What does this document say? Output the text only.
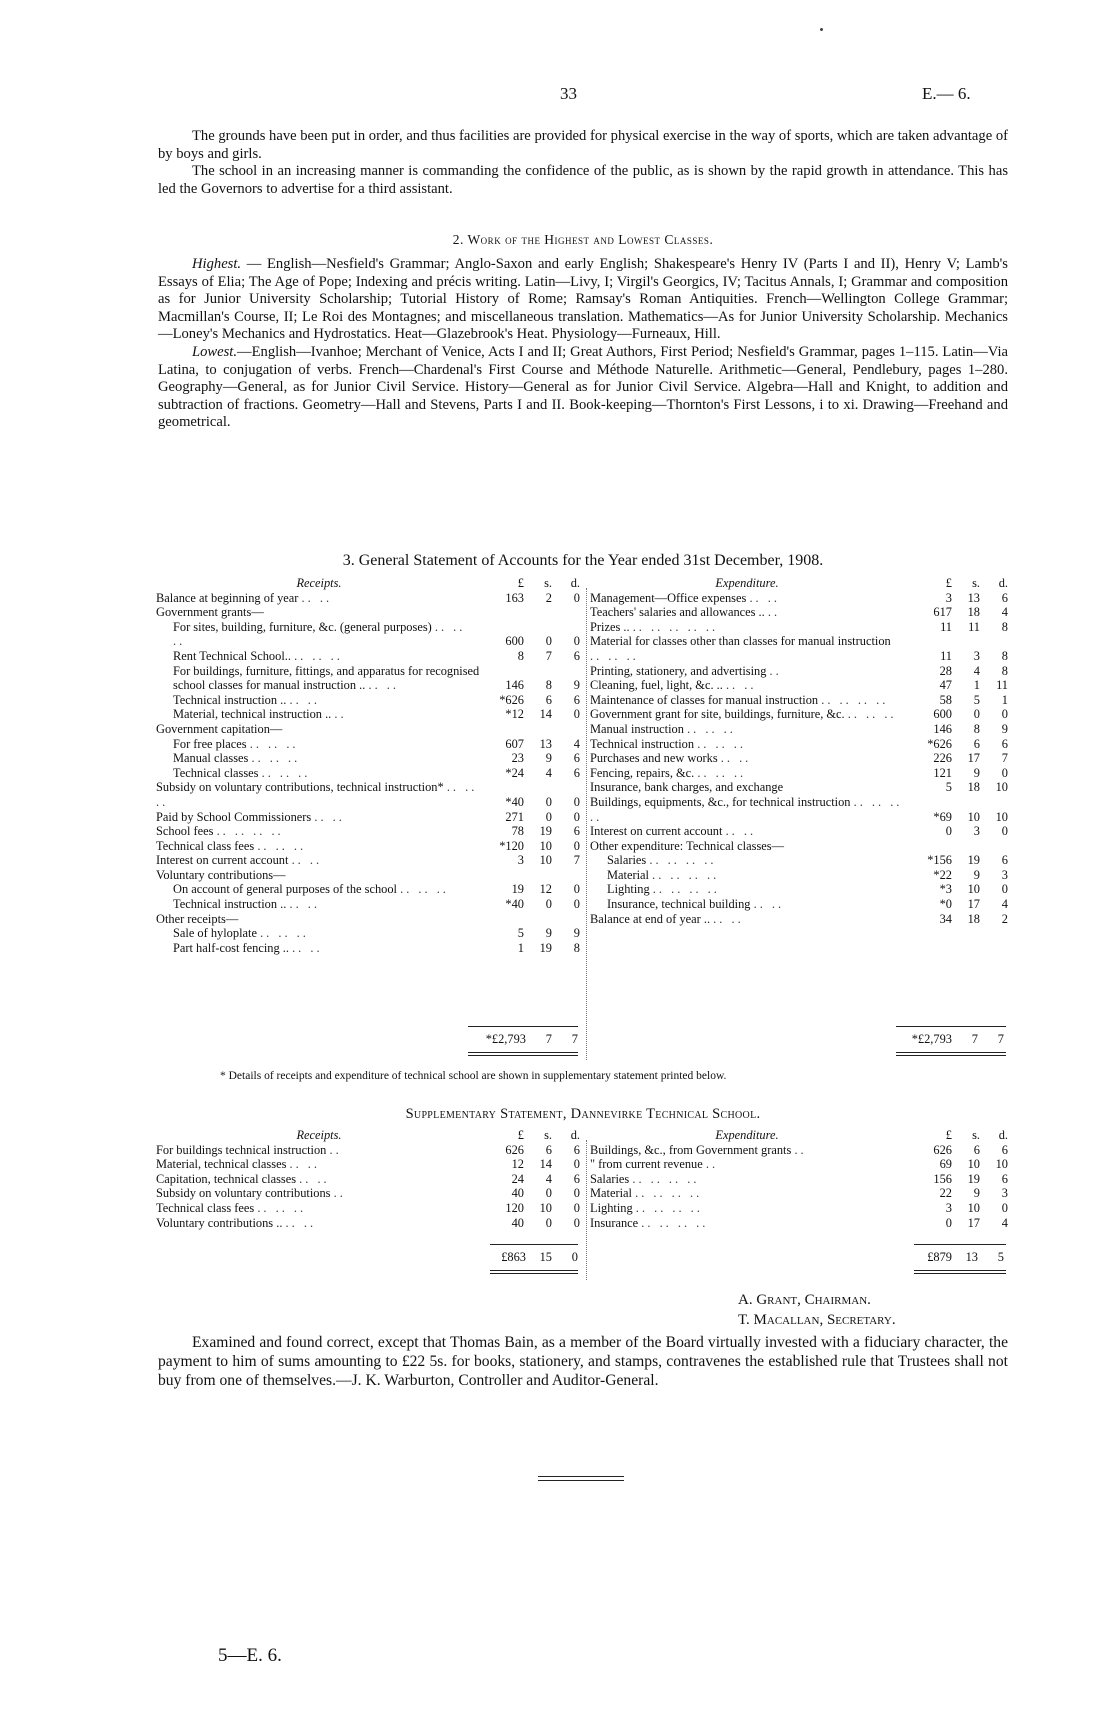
33	E.— 6.

The grounds have been put in order, and thus facilities are provided for physical exercise in the way of sports, which are taken advantage of by boys and girls.

The school in an increasing manner is commanding the confidence of the public, as is shown by the rapid growth in attendance. This has led the Governors to advertise for a third assistant.

2. Work of the Highest and Lowest Classes.

Highest. — English—Nesfield's Grammar; Anglo-Saxon and early English; Shakespeare's Henry IV (Parts I and II), Henry V; Lamb's Essays of Elia; The Age of Pope; Indexing and précis writing. Latin—Livy, I; Virgil's Georgics, IV; Tacitus Annals, I; Grammar and composition as for Junior University Scholarship; Tutorial History of Rome; Ramsay's Roman Antiquities. French—Wellington College Grammar; Macmillan's Course, II; Le Roi des Montagnes; and miscellaneous translation. Mathematics—As for Junior University Scholarship. Mechanics—Loney's Mechanics and Hydrostatics. Heat—Glazebrook's Heat. Physiology—Furneaux, Hill.

Lowest.—English—Ivanhoe; Merchant of Venice, Acts I and II; Great Authors, First Period; Nesfield's Grammar, pages 1–115. Latin—Via Latina, to conjugation of verbs. French—Chardenal's First Course and Méthode Naturelle. Arithmetic—General, Pendlebury, pages 1–280. Geography—General, as for Junior Civil Service. History—General as for Junior Civil Service. Algebra—Hall and Knight, to addition and subtraction of fractions. Geometry—Hall and Stevens, Parts I and II. Book-keeping—Thornton's First Lessons, i to xi. Drawing—Freehand and geometrical.

3. General Statement of Accounts for the Year ended 31st December, 1908.
Receipts.	£	s.	d.
Balance at beginning of year .. ..	163	2	0
Government grants—			
For sites, building, furniture, &c. (general purposes) .. .. ..	600	0	0
Rent Technical School.. .. .. ..	8	7	6
For buildings, furniture, fittings, and apparatus for recognised school classes for manual instruction .. .. ..	146	8	9
Technical instruction .. .. ..	*626	6	6
Material, technical instruction .. ..	*12	14	0
Government capitation—			
For free places .. .. ..	607	13	4
Manual classes .. .. ..	23	9	6
Technical classes .. .. ..	*24	4	6
Subsidy on voluntary contributions, technical instruction* .. .. ..	*40	0	0
Paid by School Commissioners .. ..	271	0	0
School fees .. .. .. ..	78	19	6
Technical class fees .. .. ..	*120	10	0
Interest on current account .. ..	3	10	7
Voluntary contributions—			
On account of general purposes of the school .. .. ..	19	12	0
Technical instruction .. .. ..	*40	0	0
Other receipts—			
Sale of hyloplate .. .. ..	5	9	9
Part half-cost fencing .. .. ..	1	19	8
Expenditure.	£	s.	d.
Management—Office expenses .. ..	3	13	6
Teachers' salaries and allowances .. ..	617	18	4
Prizes .. .. .. .. .. ..	11	11	8
Material for classes other than classes for manual instruction .. .. ..	11	3	8
Printing, stationery, and advertising ..	28	4	8
Cleaning, fuel, light, &c. .. .. ..	47	1	11
Maintenance of classes for manual instruction .. .. .. ..	58	5	1
Government grant for site, buildings, furniture, &c. .. .. ..	600	0	0
Manual instruction .. .. ..	146	8	9
Technical instruction .. .. ..	*626	6	6
Purchases and new works .. ..	226	17	7
Fencing, repairs, &c. .. .. ..	121	9	0
Insurance, bank charges, and exchange	5	18	10
Buildings, equipments, &c., for technical instruction .. .. .. ..	*69	10	10
Interest on current account .. ..	0	3	0
Other expenditure: Technical classes—			
Salaries .. .. .. ..	*156	19	6
Material .. .. .. ..	*22	9	3
Lighting .. .. .. ..	*3	10	0
Insurance, technical building .. ..	*0	17	4
Balance at end of year .. .. ..	34	18	2
*£2,793 7 7	*£2,793 7 7
* Details of receipts and expenditure of technical school are shown in supplementary statement printed below.
Supplementary Statement, Dannevirke Technical School.
Receipts.	£	s.	d.
For buildings technical instruction ..	626	6	6
Material, technical classes .. ..	12	14	0
Capitation, technical classes .. ..	24	4	6
Subsidy on voluntary contributions ..	40	0	0
Technical class fees .. .. ..	120	10	0
Voluntary contributions .. .. ..	40	0	0
Expenditure.	£	s.	d.
Buildings, &c., from Government grants ..	626	6	6
" from current revenue ..	69	10	10
Salaries .. .. .. ..	156	19	6
Material .. .. .. ..	22	9	3
Lighting .. .. .. ..	3	10	0
Insurance .. .. .. ..	0	17	4
£863 15 0	£879 13 5
A. Grant, Chairman.
T. Macallan, Secretary.
Examined and found correct, except that Thomas Bain, as a member of the Board virtually invested with a fiduciary character, the payment to him of sums amounting to £22 5s. for books, stationery, and stamps, contravenes the established rule that Trustees shall not buy from one of themselves.—J. K. Warburton, Controller and Auditor-General.
5—E. 6.
